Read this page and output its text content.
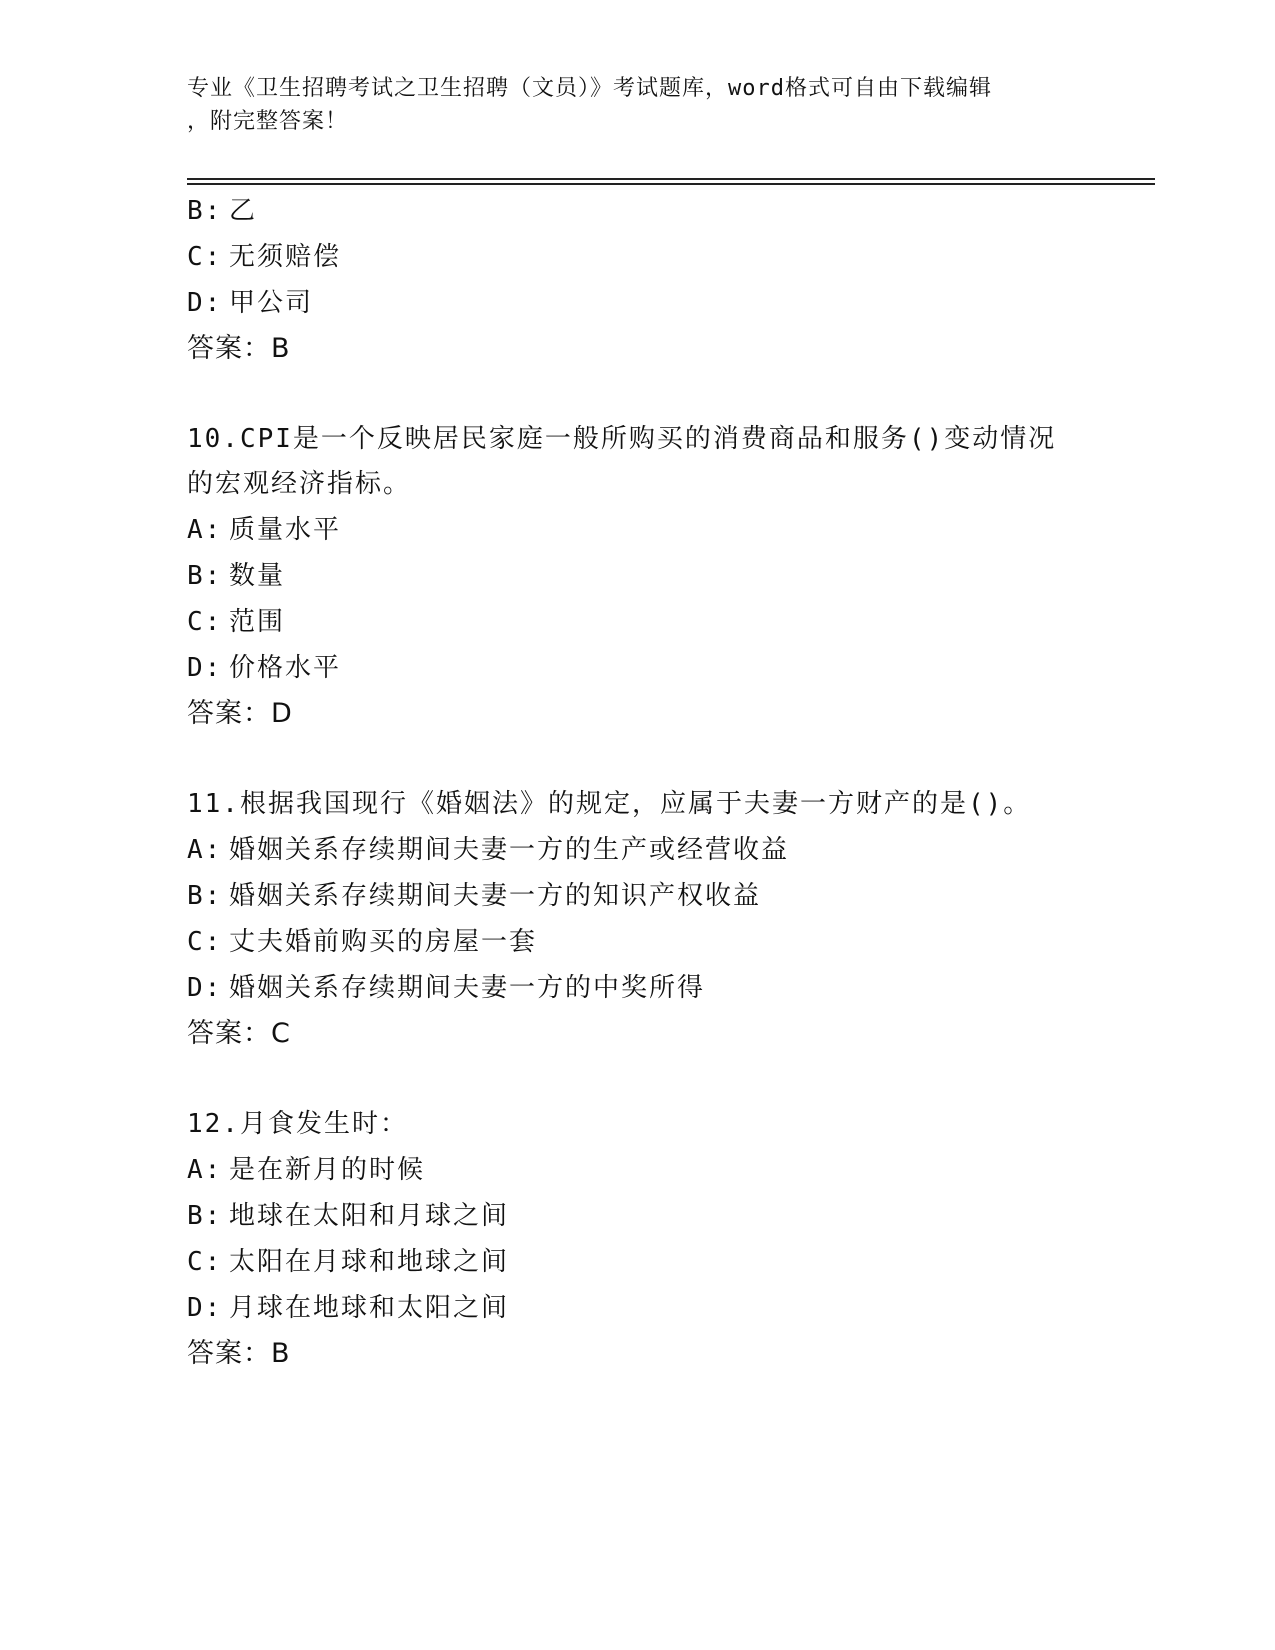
专业《卫生招聘考试之卫生招聘（文员）》考试题库，word格式可自由下载编辑
，附完整答案！
B: 乙
C: 无须赔偿
D: 甲公司
答案：B
10.CPI是一个反映居民家庭一般所购买的消费商品和服务()变动情况
的宏观经济指标。
A: 质量水平
B: 数量
C: 范围
D: 价格水平
答案：D
11.根据我国现行《婚姻法》的规定，应属于夫妻一方财产的是()。
A: 婚姻关系存续期间夫妻一方的生产或经营收益
B: 婚姻关系存续期间夫妻一方的知识产权收益
C: 丈夫婚前购买的房屋一套
D: 婚姻关系存续期间夫妻一方的中奖所得
答案：C
12.月食发生时：
A: 是在新月的时候
B: 地球在太阳和月球之间
C: 太阳在月球和地球之间
D: 月球在地球和太阳之间
答案：B
